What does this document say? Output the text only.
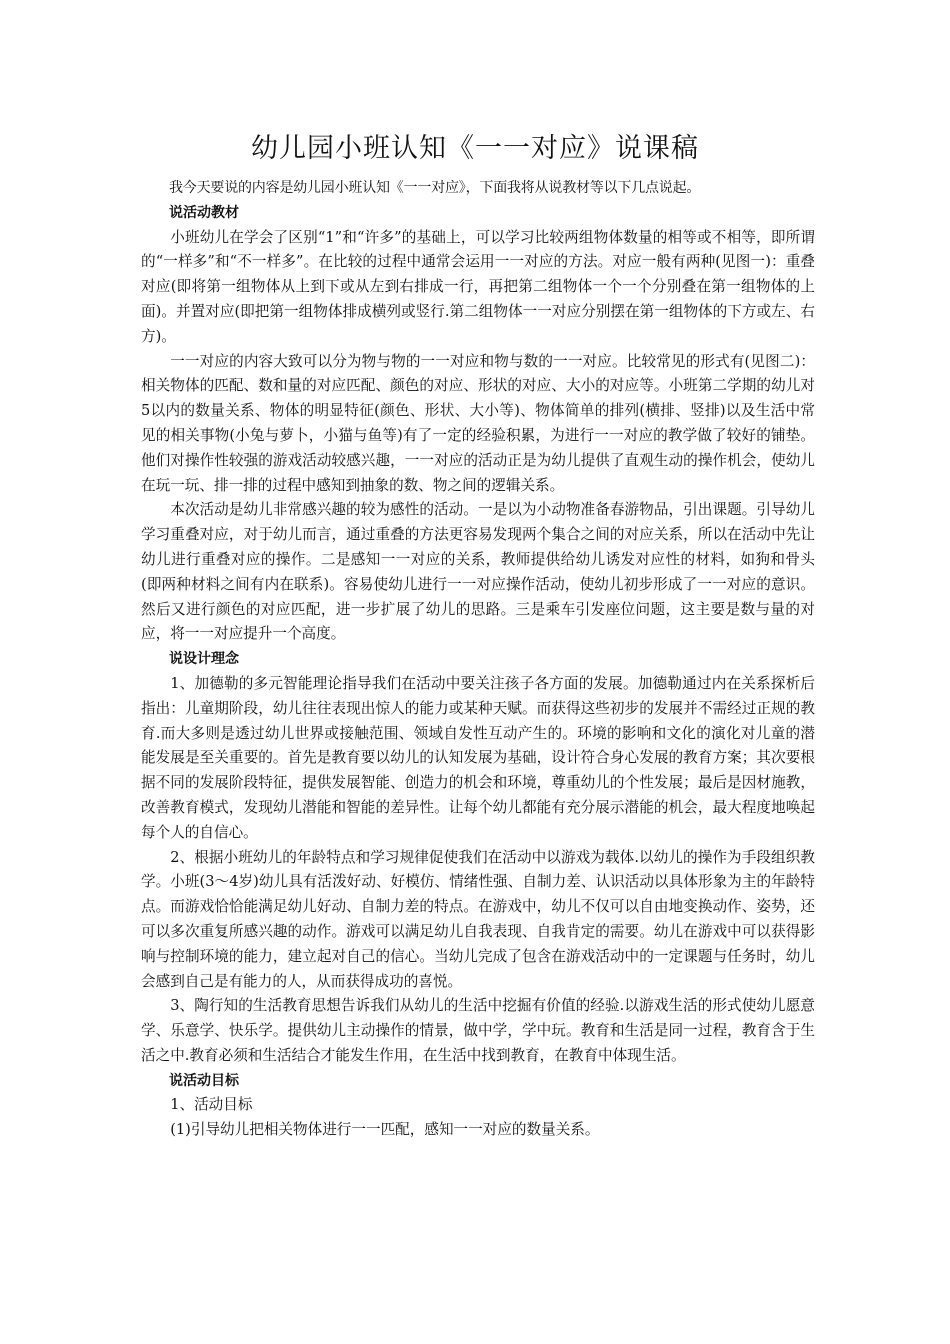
幼儿园小班认知《一一对应》说课稿

我今天要说的内容是幼儿园小班认知《一一对应》，下面我将从说教材等以下几点说起。

说活动教材

小班幼儿在学会了区别“1”和“许多”的基础上，可以学习比较两组物体数量的相等或不相等，即所谓的“一样多”和“不一样多”。在比较的过程中通常会运用一一对应的方法。对应一般有两种(见图一)：重叠对应(即将第一组物体从上到下或从左到右排成一行，再把第二组物体一个一个分别叠在第一组物体的上面)。并置对应(即把第一组物体排成横列或竖行.第二组物体一一对应分别摆在第一组物体的下方或左、右方)。

一一对应的内容大致可以分为物与物的一一对应和物与数的一一对应。比较常见的形式有(见图二)：相关物体的匹配、数和量的对应匹配、颜色的对应、形状的对应、大小的对应等。小班第二学期的幼儿对5以内的数量关系、物体的明显特征(颜色、形状、大小等)、物体简单的排列(横排、竖排)以及生活中常见的相关事物(小兔与萝卜，小猫与鱼等)有了一定的经验积累，为进行一一对应的教学做了较好的铺垫。他们对操作性较强的游戏活动较感兴趣，一一对应的活动正是为幼儿提供了直观生动的操作机会，使幼儿在玩一玩、排一排的过程中感知到抽象的数、物之间的逻辑关系。

本次活动是幼儿非常感兴趣的较为感性的活动。一是以为小动物准备春游物品，引出课题。引导幼儿学习重叠对应，对于幼儿而言，通过重叠的方法更容易发现两个集合之间的对应关系，所以在活动中先让幼儿进行重叠对应的操作。二是感知一一对应的关系，教师提供给幼儿诱发对应性的材料，如狗和骨头(即两种材料之间有内在联系)。容易使幼儿进行一一对应操作活动，使幼儿初步形成了一一对应的意识。然后又进行颜色的对应匹配，进一步扩展了幼儿的思路。三是乘车引发座位问题，这主要是数与量的对应，将一一对应提升一个高度。

说设计理念

1、加德勒的多元智能理论指导我们在活动中要关注孩子各方面的发展。加德勒通过内在关系探析后指出：儿童期阶段，幼儿往往表现出惊人的能力或某种天赋。而获得这些初步的发展并不需经过正规的教育.而大多则是透过幼儿世界或接触范围、领域自发性互动产生的。环境的影响和文化的演化对儿童的潜能发展是至关重要的。首先是教育要以幼儿的认知发展为基础，设计符合身心发展的教育方案；其次要根据不同的发展阶段特征，提供发展智能、创造力的机会和环境，尊重幼儿的个性发展；最后是因材施教，改善教育模式，发现幼儿潜能和智能的差异性。让每个幼儿都能有充分展示潜能的机会，最大程度地唤起每个人的自信心。

2、根据小班幼儿的年龄特点和学习规律促使我们在活动中以游戏为载体.以幼儿的操作为手段组织教学。小班(3～4岁)幼儿具有活泼好动、好模仿、情绪性强、自制力差、认识活动以具体形象为主的年龄特点。而游戏恰恰能满足幼儿好动、自制力差的特点。在游戏中，幼儿不仅可以自由地变换动作、姿势，还可以多次重复所感兴趣的动作。游戏可以满足幼儿自我表现、自我肯定的需要。幼儿在游戏中可以获得影响与控制环境的能力，建立起对自己的信心。当幼儿完成了包含在游戏活动中的一定课题与任务时，幼儿会感到自己是有能力的人，从而获得成功的喜悦。

3、陶行知的生活教育思想告诉我们从幼儿的生活中挖掘有价值的经验.以游戏生活的形式使幼儿愿意学、乐意学、快乐学。提供幼儿主动操作的情景，做中学，学中玩。教育和生活是同一过程，教育含于生活之中.教育必须和生活结合才能发生作用，在生活中找到教育，在教育中体现生活。

说活动目标

1、活动目标

(1)引导幼儿把相关物体进行一一匹配，感知一一对应的数量关系。
